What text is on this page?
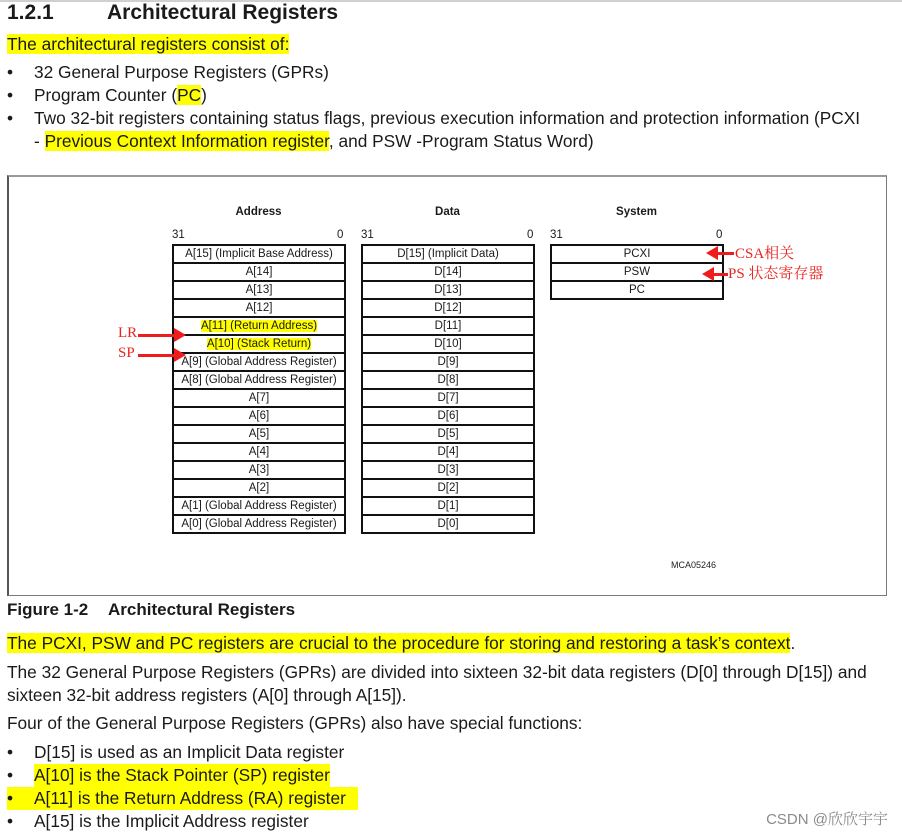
1.2.1	Architectural Registers
The architectural registers consist of:
• 32 General Purpose Registers (GPRs)
• Program Counter (PC)
• Two 32-bit registers containing status flags, previous execution information and protection information (PCXI
- Previous Context Information register, and PSW -Program Status Word)
Address	Data	System
31	0 31	0 31	0
A[15] (Implicit Base Address)
A[14]
A[13]
A[12]
A[11] (Return Address)
A[10] (Stack Return)
A[9] (Global Address Register)
A[8] (Global Address Register)
A[7]
A[6]
A[5]
A[4]
A[3]
A[2]
A[1] (Global Address Register)
A[0] (Global Address Register)
D[15] (Implicit Data)
D[14]
D[13]
D[12]
D[11]
D[10]
D[9]
D[8]
D[7]
D[6]
D[5]
D[4]
D[3]
D[2]
D[1]
D[0]
PCXI
PSW
PC
LR
SP
CSA相关
PS 状态寄存器
MCA05246
Figure 1-2 Architectural Registers
The PCXI, PSW and PC registers are crucial to the procedure for storing and restoring a task’s context.
The 32 General Purpose Registers (GPRs) are divided into sixteen 32-bit data registers (D[0] through D[15]) and
sixteen 32-bit address registers (A[0] through A[15]).
Four of the General Purpose Registers (GPRs) also have special functions:
• D[15] is used as an Implicit Data register
• A[10] is the Stack Pointer (SP) register
• A[11] is the Return Address (RA) register
• A[15] is the Implicit Address register	CSDN @欣欣宇宇
